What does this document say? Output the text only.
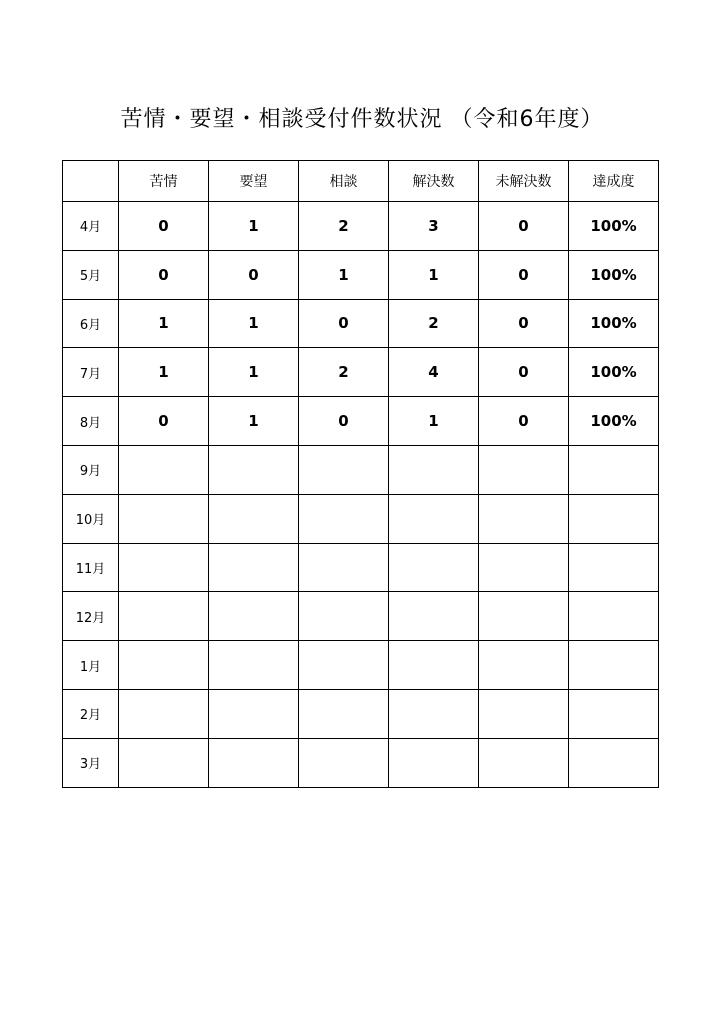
苦情・要望・相談受付件数状況 （令和6年度）
	苦情	要望	相談	解決数	未解決数	達成度
4月	0	1	2	3	0	100%
5月	0	0	1	1	0	100%
6月	1	1	0	2	0	100%
7月	1	1	2	4	0	100%
8月	0	1	0	1	0	100%
9月						
10月						
11月						
12月						
1月						
2月						
3月						
